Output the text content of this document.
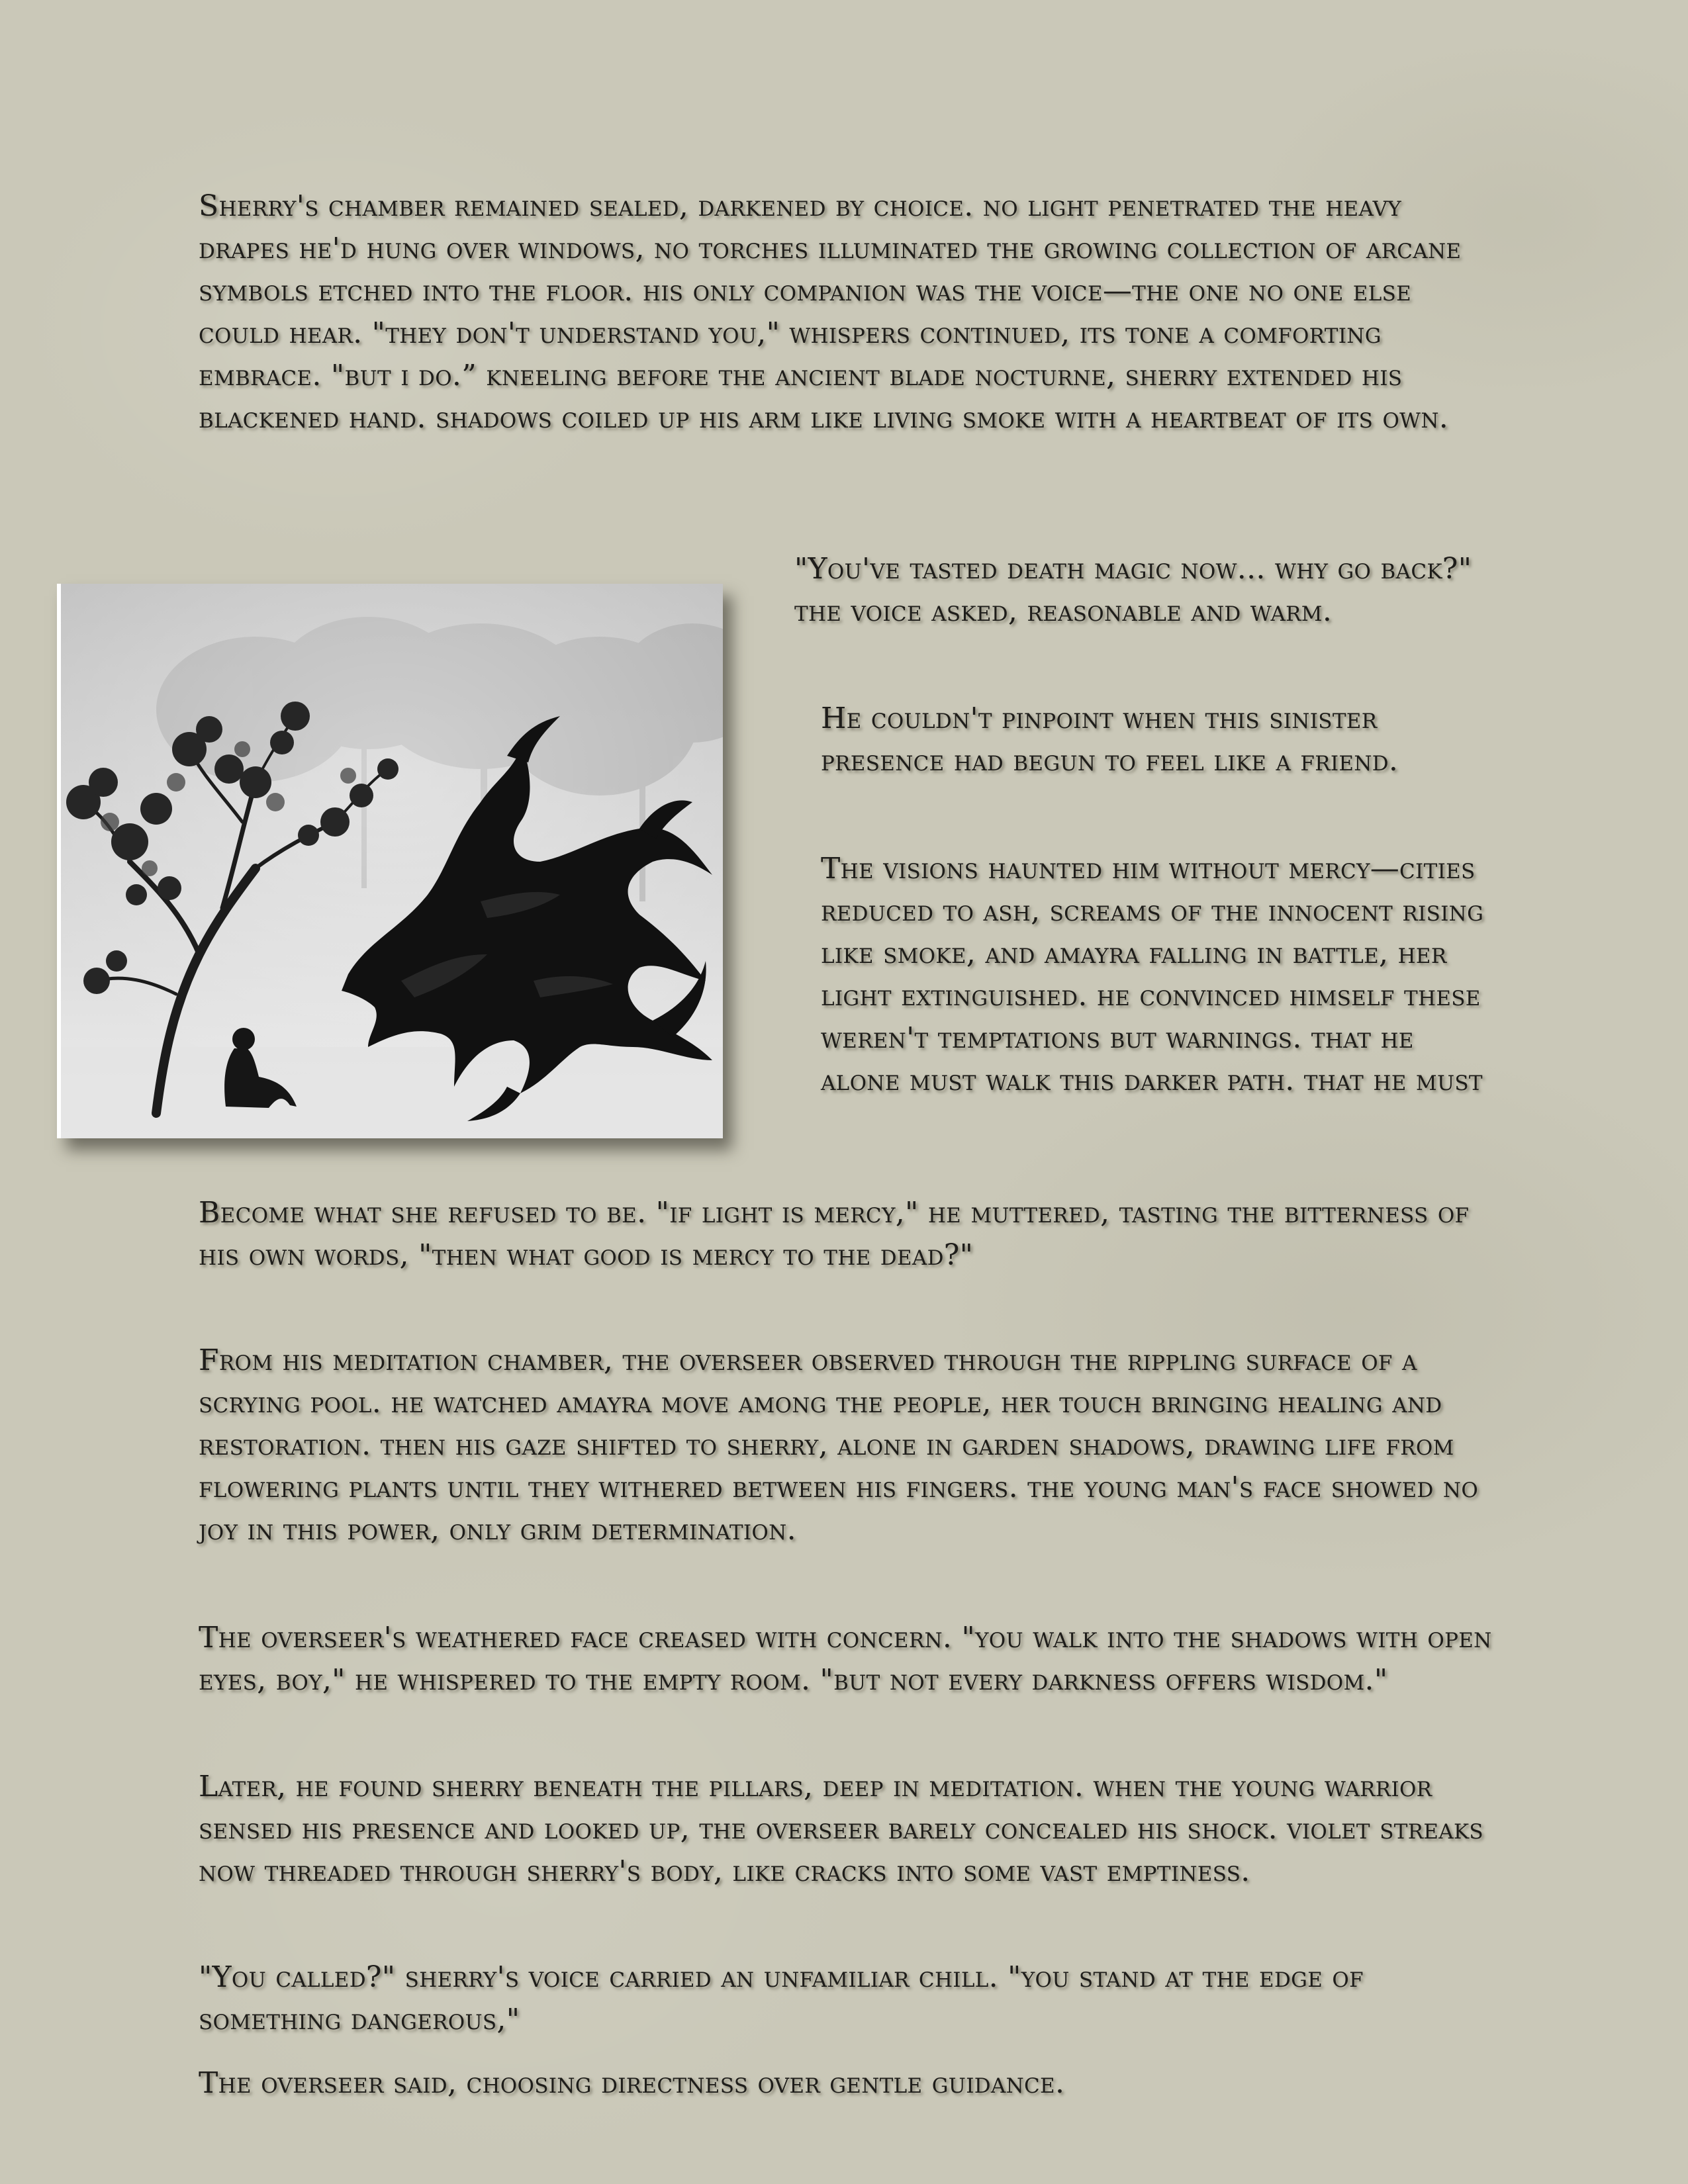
Sherry's chamber remained sealed, darkened by choice. no light penetrated the heavy drapes he'd hung over windows, no torches illuminated the growing collection of arcane symbols etched into the floor. his only companion was the voice—the one no one else could hear. "they don't understand you," whispers continued, its tone a comforting embrace. "but i do.” kneeling before the ancient blade nocturne, sherry extended his blackened hand. shadows coiled up his arm like living smoke with a heartbeat of its own.

"You've tasted death magic now... why go back?" the voice asked, reasonable and warm.

He couldn't pinpoint when this sinister presence had begun to feel like a friend.

The visions haunted him without mercy—cities reduced to ash, screams of the innocent rising like smoke, and amayra falling in battle, her light extinguished. he convinced himself these weren't temptations but warnings. that he alone must walk this darker path. that he must

Become what she refused to be. "if light is mercy," he muttered, tasting the bitterness of his own words, "then what good is mercy to the dead?"

From his meditation chamber, the overseer observed through the rippling surface of a scrying pool. he watched amayra move among the people, her touch bringing healing and restoration. then his gaze shifted to sherry, alone in garden shadows, drawing life from flowering plants until they withered between his fingers. the young man's face showed no joy in this power, only grim determination.

The overseer's weathered face creased with concern. "you walk into the shadows with open eyes, boy," he whispered to the empty room. "but not every darkness offers wisdom."

Later, he found sherry beneath the pillars, deep in meditation. when the young warrior sensed his presence and looked up, the overseer barely concealed his shock. violet streaks now threaded through sherry's body, like cracks into some vast emptiness.

"You called?" sherry's voice carried an unfamiliar chill. "you stand at the edge of something dangerous,"

The overseer said, choosing directness over gentle guidance.
